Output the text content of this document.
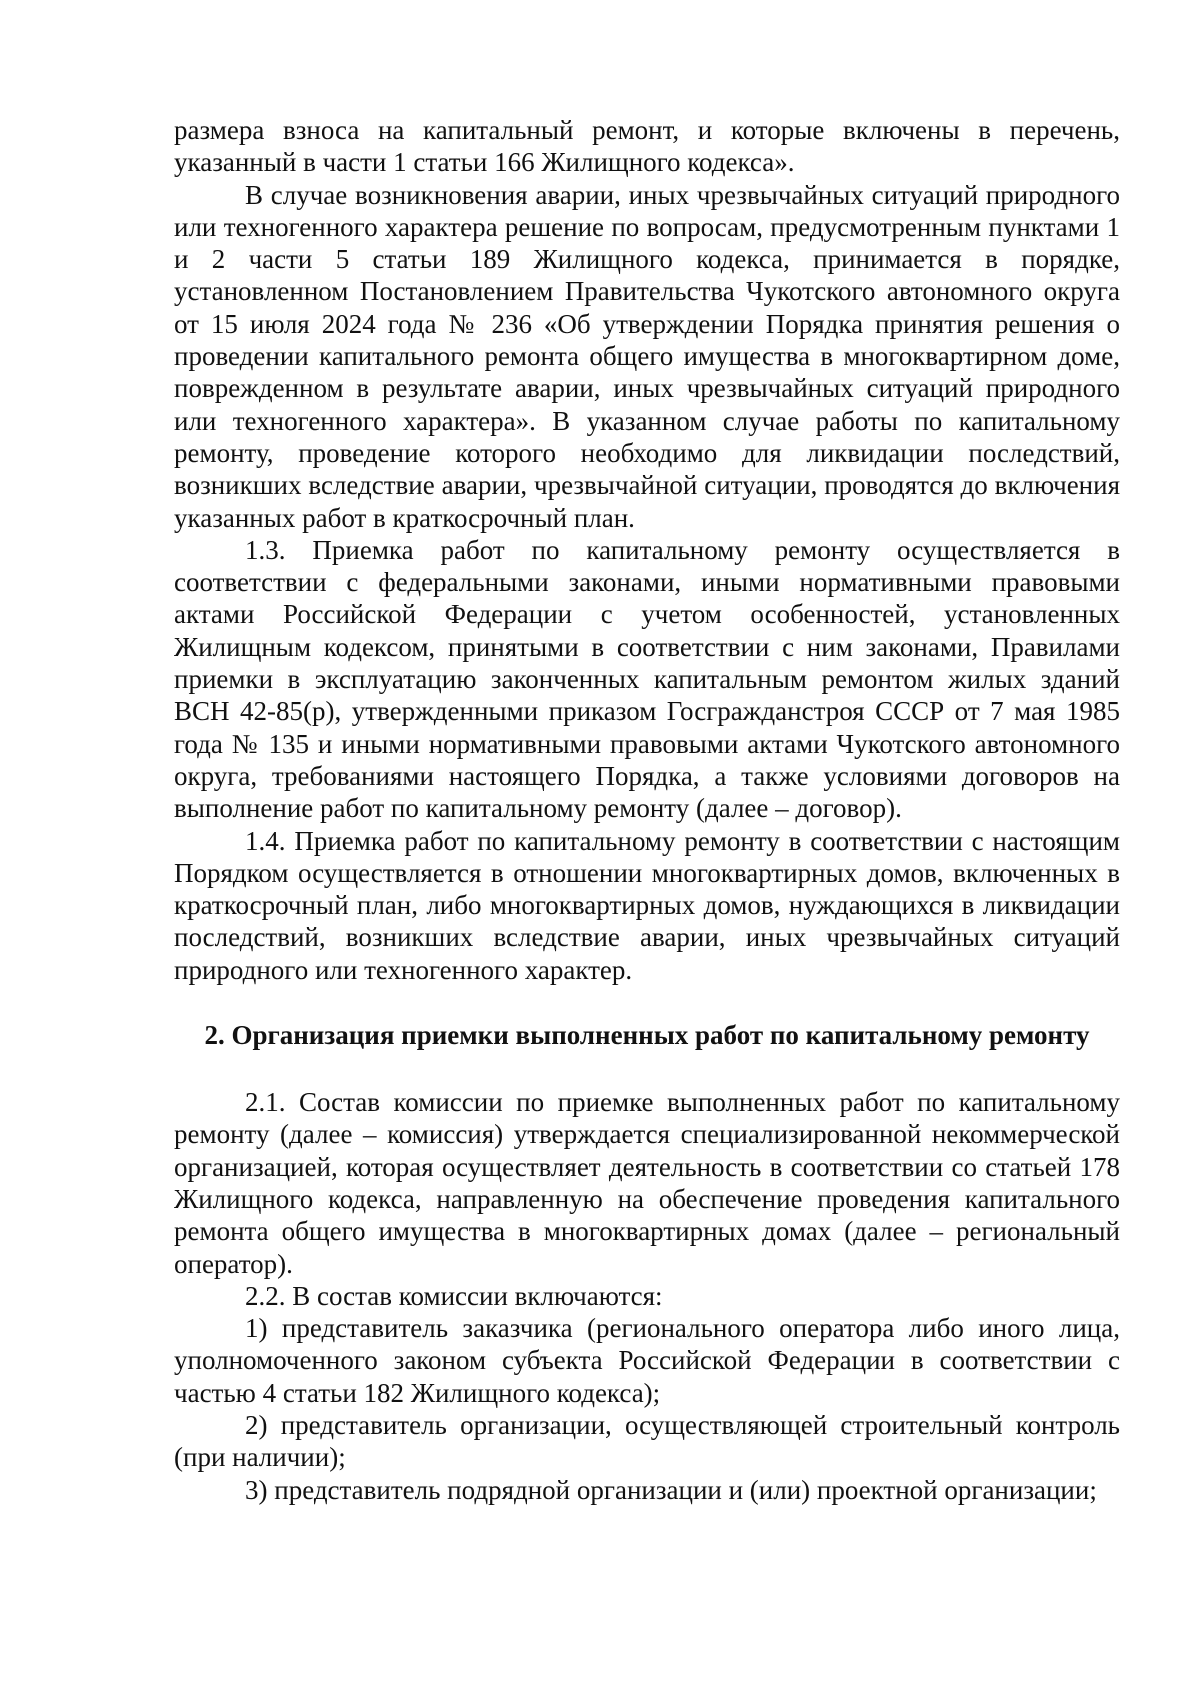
размера взноса на капитальный ремонт, и которые включены в перечень, указанный в части 1 статьи 166 Жилищного кодекса».

В случае возникновения аварии, иных чрезвычайных ситуаций природного или техногенного характера решение по вопросам, предусмотренным пунктами 1 и 2 части 5 статьи 189 Жилищного кодекса, принимается в порядке, установленном Постановлением Правительства Чукотского автономного округа от 15 июля 2024 года № 236 «Об утверждении Порядка принятия решения о проведении капитального ремонта общего имущества в многоквартирном доме, поврежденном в результате аварии, иных чрезвычайных ситуаций природного или техногенного характера». В указанном случае работы по капитальному ремонту, проведение которого необходимо для ликвидации последствий, возникших вследствие аварии, чрезвычайной ситуации, проводятся до включения указанных работ в краткосрочный план.

1.3. Приемка работ по капитальному ремонту осуществляется в соответствии с федеральными законами, иными нормативными правовыми актами Российской Федерации с учетом особенностей, установленных Жилищным кодексом, принятыми в соответствии с ним законами, Правилами приемки в эксплуатацию законченных капитальным ремонтом жилых зданий ВСН 42-85(р), утвержденными приказом Госгражданстроя СССР от 7 мая 1985 года № 135 и иными нормативными правовыми актами Чукотского автономного округа, требованиями настоящего Порядка, а также условиями договоров на выполнение работ по капитальному ремонту (далее – договор).

1.4. Приемка работ по капитальному ремонту в соответствии с настоящим Порядком осуществляется в отношении многоквартирных домов, включенных в краткосрочный план, либо многоквартирных домов, нуждающихся в ликвидации последствий, возникших вследствие аварии, иных чрезвычайных ситуаций природного или техногенного характер.

2. Организация приемки выполненных работ по капитальному ремонту

2.1. Состав комиссии по приемке выполненных работ по капитальному ремонту (далее – комиссия) утверждается специализированной некоммерческой организацией, которая осуществляет деятельность в соответствии со статьей 178 Жилищного кодекса, направленную на обеспечение проведения капитального ремонта общего имущества в многоквартирных домах (далее – региональный оператор).

2.2. В состав комиссии включаются:

1) представитель заказчика (регионального оператора либо иного лица, уполномоченного законом субъекта Российской Федерации в соответствии с частью 4 статьи 182 Жилищного кодекса);

2) представитель организации, осуществляющей строительный контроль (при наличии);

3) представитель подрядной организации и (или) проектной организации;
